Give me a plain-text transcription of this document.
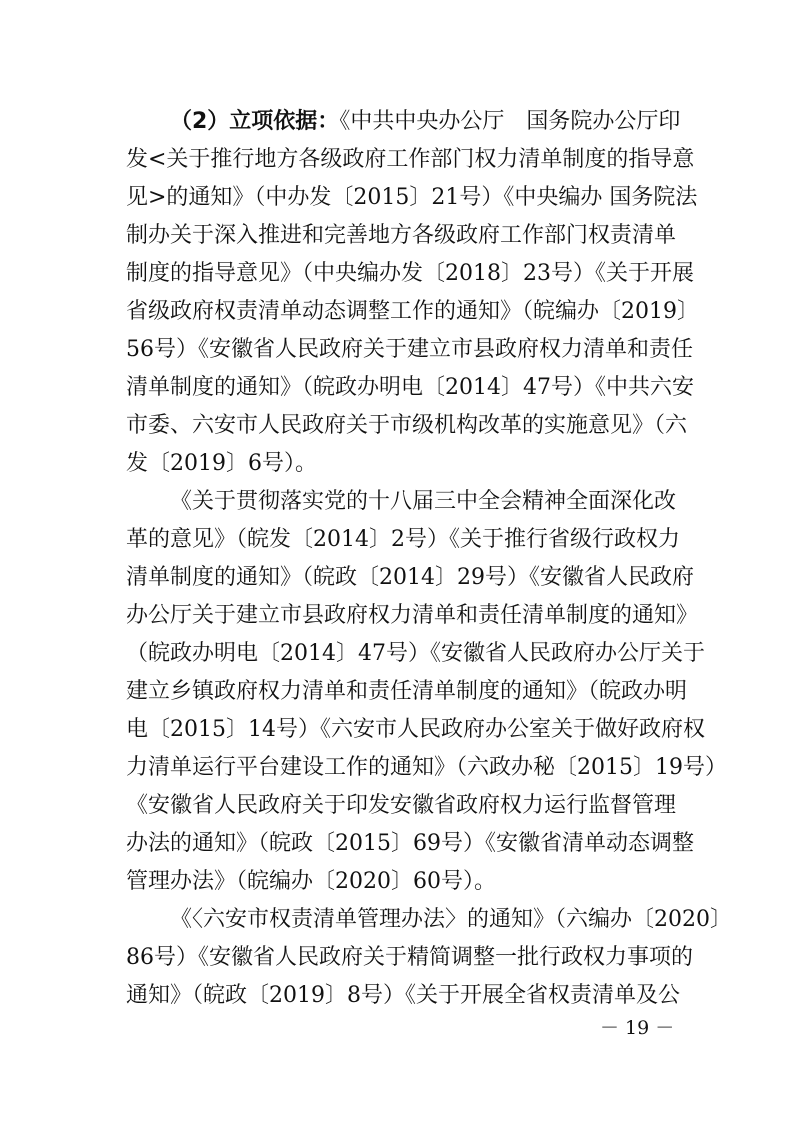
（2）立项依据：《中共中央办公厅　国务院办公厅印
发<关于推行地方各级政府工作部门权力清单制度的指导意
见>的通知》（中办发〔2015〕21号）《中央编办 国务院法
制办关于深入推进和完善地方各级政府工作部门权责清单
制度的指导意见》（中央编办发〔2018〕23号）《关于开展
省级政府权责清单动态调整工作的通知》（皖编办〔2019〕
56号）《安徽省人民政府关于建立市县政府权力清单和责任
清单制度的通知》（皖政办明电〔2014〕47号）《中共六安
市委、六安市人民政府关于市级机构改革的实施意见》（六
发〔2019〕6号）。
《关于贯彻落实党的十八届三中全会精神全面深化改
革的意见》（皖发〔2014〕2号）《关于推行省级行政权力
清单制度的通知》（皖政〔2014〕29号）《安徽省人民政府
办公厅关于建立市县政府权力清单和责任清单制度的通知》
（皖政办明电〔2014〕47号）《安徽省人民政府办公厅关于
建立乡镇政府权力清单和责任清单制度的通知》（皖政办明
电〔2015〕14号）《六安市人民政府办公室关于做好政府权
力清单运行平台建设工作的通知》（六政办秘〔2015〕19号）
《安徽省人民政府关于印发安徽省政府权力运行监督管理
办法的通知》（皖政〔2015〕69号）《安徽省清单动态调整
管理办法》（皖编办〔2020〕60号）。
《〈六安市权责清单管理办法〉的通知》（六编办〔2020〕
86号）《安徽省人民政府关于精简调整一批行政权力事项的
通知》（皖政〔2019〕8号）《关于开展全省权责清单及公
－ 19 －
